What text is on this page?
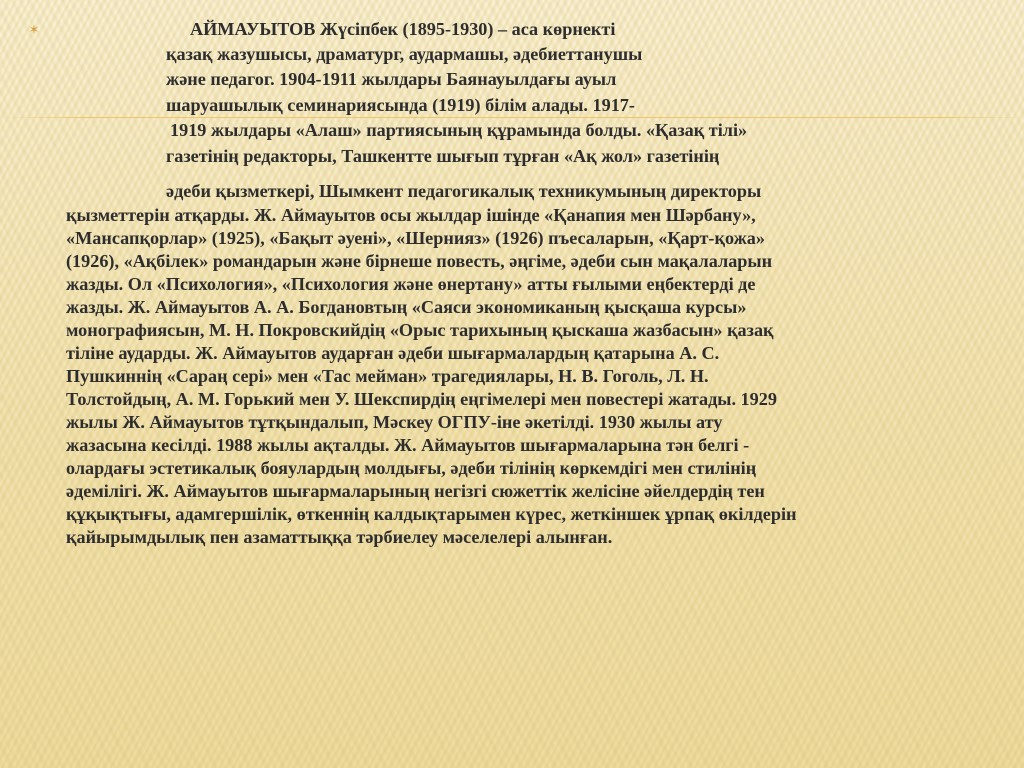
✶	АЙМАУЫТОВ Жүсіпбек (1895-1930) – аса көрнекті
қазақ жазушысы, драматург, аудармашы, әдебиеттанушы
және педагог. 1904-1911 жылдары Баянауылдағы ауыл
шаруашылық семинариясында (1919) білім алады. 1917-
1919 жылдары «Алаш» партиясының құрамында болды. «Қазақ тілі»
газетінің редакторы, Ташкентте шығып тұрған «Ақ жол» газетінің
әдеби қызметкері, Шымкент педагогикалық техникумының директоры
қызметтерін атқарды. Ж. Аймауытов осы жылдар ішінде «Қанапия мен Шәрбану»,
«Мансапқорлар» (1925), «Бақыт әуені», «Шернияз» (1926) пъесаларын, «Қарт-қожа»
(1926), «Ақбілек» романдарын және бірнеше повесть, әңгіме, әдеби сын мақалаларын
жазды. Ол «Психология», «Психология және өнертану» атты ғылыми еңбектерді де
жазды. Ж. Аймауытов А. А. Богдановтың «Саяси экономиканың қысқаша курсы»
монографиясын, М. Н. Покровскийдің «Орыс тарихының қыскаша жазбасын» қазақ
тіліне аударды. Ж. Аймауытов аударған әдеби шығармалардың қатарына А. С.
Пушкиннің «Сараң серi» мен «Тас мейман» трагедиялары, Н. В. Гоголь, Л. Н.
Толстойдың, А. М. Горький мен У. Шекспирдің еңгімелері мен повестері жатады. 1929
жылы Ж. Аймауытов тұтқындалып, Мәскеу ОГПУ-іне әкетілді. 1930 жылы ату
жазасына кесілді. 1988 жылы ақталды. Ж. Аймауытов шығармаларына тән белгі -
олардағы эстетикалық бояулардың молдығы, әдеби тілінің көркемдігі мен стилінің
әдемілігі. Ж. Аймауытов шығармаларының негізгі сюжеттік желісіне әйелдердің тен
құқықтығы, адамгершілік, өткеннің калдықтарымен күрес, жеткіншек ұрпақ өкілдерін
қайырымдылық пен азаматтыққа тәрбиелеу мәселелері алынған.
